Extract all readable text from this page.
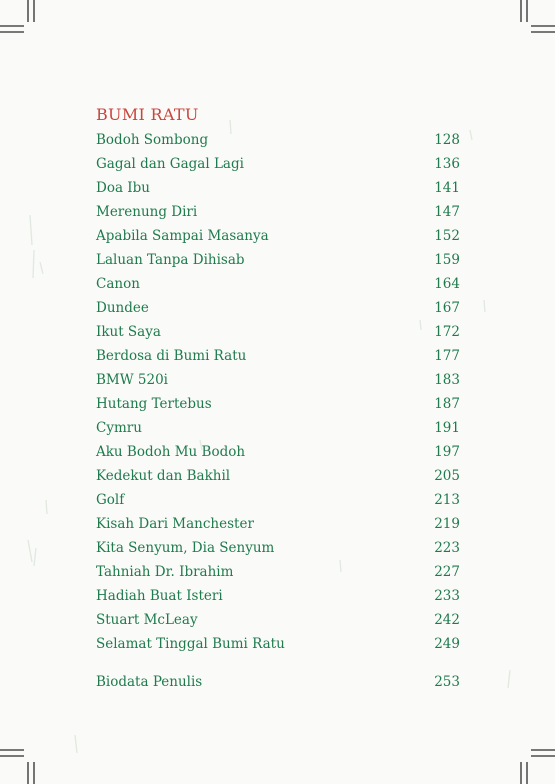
BUMI RATU
Bodoh Sombong	128
Gagal dan Gagal Lagi	136
Doa Ibu	141
Merenung Diri	147
Apabila Sampai Masanya	152
Laluan Tanpa Dihisab	159
Canon	164
Dundee	167
Ikut Saya	172
Berdosa di Bumi Ratu	177
BMW 520i	183
Hutang Tertebus	187
Cymru	191
Aku Bodoh Mu Bodoh	197
Kedekut dan Bakhil	205
Golf	213
Kisah Dari Manchester	219
Kita Senyum, Dia Senyum	223
Tahniah Dr. Ibrahim	227
Hadiah Buat Isteri	233
Stuart McLeay	242
Selamat Tinggal Bumi Ratu	249
Biodata Penulis	253
